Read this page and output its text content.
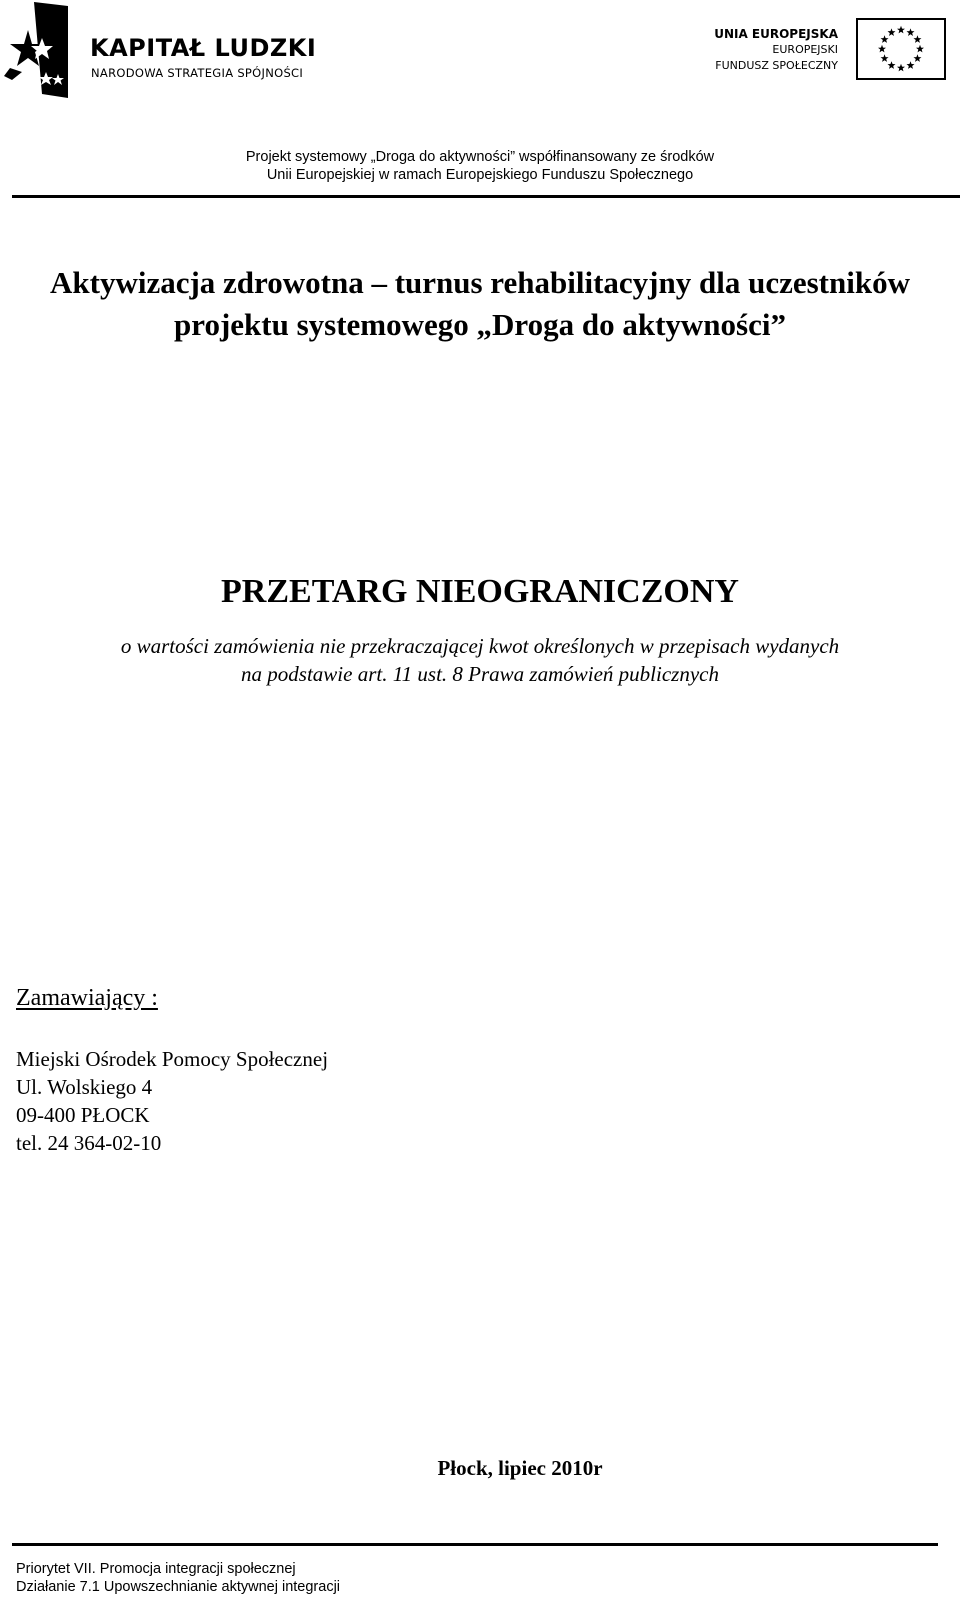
KAPITAŁ LUDZKI
NARODOWA STRATEGIA SPÓJNOŚCI
UNIA EUROPEJSKA
EUROPEJSKI
FUNDUSZ SPOŁECZNY
Projekt systemowy „Droga do aktywności” współfinansowany ze środków
Unii Europejskiej w ramach Europejskiego Funduszu Społecznego
Aktywizacja zdrowotna – turnus rehabilitacyjny dla uczestników
projektu systemowego „Droga do aktywności”
PRZETARG NIEOGRANICZONY
o wartości zamówienia nie przekraczającej kwot określonych w przepisach wydanych
na podstawie art. 11 ust. 8 Prawa zamówień publicznych
Zamawiający :
Miejski Ośrodek Pomocy Społecznej
Ul. Wolskiego 4
09-400 PŁOCK
tel. 24 364-02-10
Płock, lipiec 2010r
Priorytet VII. Promocja integracji społecznej
Działanie 7.1 Upowszechnianie aktywnej integracji
